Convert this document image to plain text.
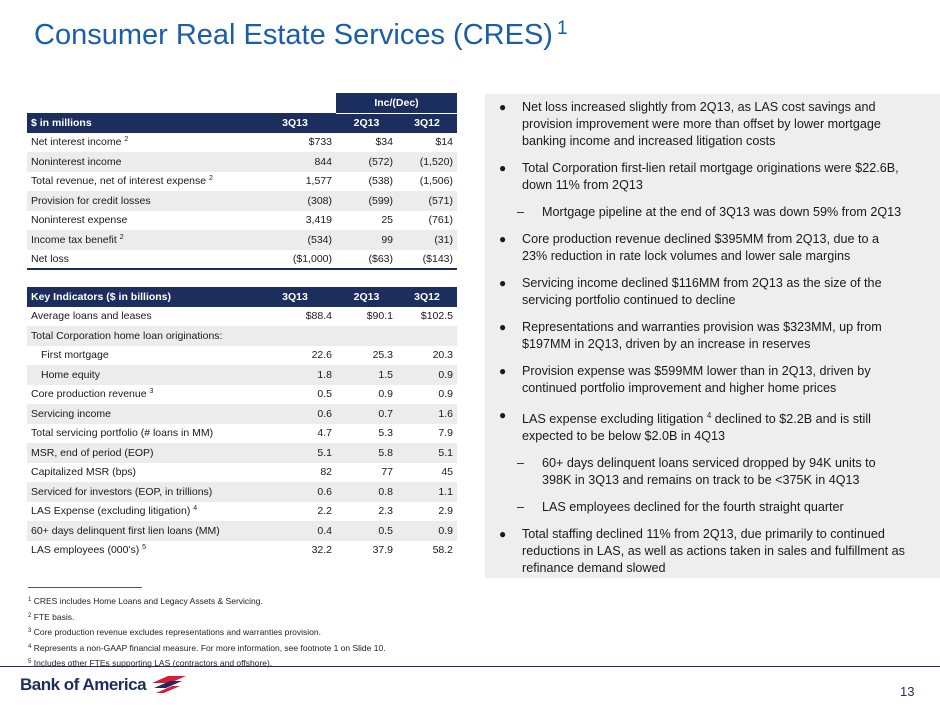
Consumer Real Estate Services (CRES) $^1$
		Inc/(Dec)	
$ in millions	3Q13	2Q13	3Q12
Net interest income $^2$	$733	$34	$14
Noninterest income	844	(572)	(1,520)
Total revenue, net of interest expense $^2$	1,577	(538)	(1,506)
Provision for credit losses	(308)	(599)	(571)
Noninterest expense	3,419	25	(761)
Income tax benefit $^2$	(534)	99	(31)
Net loss	($1,000)	($63)	($143)
Key Indicators ($ in billions)	3Q13	2Q13	3Q12
Average loans and leases	$88.4	$90.1	$102.5
Total Corporation home loan originations:			
First mortgage	22.6	25.3	20.3
Home equity	1.8	1.5	0.9
Core production revenue $^3$	0.5	0.9	0.9
Servicing income	0.6	0.7	1.6
Total servicing portfolio (# loans in MM)	4.7	5.3	7.9
MSR, end of period (EOP)	5.1	5.8	5.1
Capitalized MSR (bps)	82	77	45
Serviced for investors (EOP, in trillions)	0.6	0.8	1.1
LAS Expense (excluding litigation) $^4$	2.2	2.3	2.9
60+ days delinquent first lien loans (MM)	0.4	0.5	0.9
LAS employees (000's) $^5$	32.2	37.9	58.2
● Net loss increased slightly from 2Q13, as LAS cost savings and provision improvement were more than offset by lower mortgage banking income and increased litigation costs
● Total Corporation first-lien retail mortgage originations were $22.6B, down 11% from 2Q13
– Mortgage pipeline at the end of 3Q13 was down 59% from 2Q13
● Core production revenue declined $395MM from 2Q13, due to a 23% reduction in rate lock volumes and lower sale margins
● Servicing income declined $116MM from 2Q13 as the size of the servicing portfolio continued to decline
● Representations and warranties provision was $323MM, up from $197MM in 2Q13, driven by an increase in reserves
● Provision expense was $599MM lower than in 2Q13, driven by continued portfolio improvement and higher home prices
● LAS expense excluding litigation $^4$ declined to $2.2B and is still expected to be below $2.0B in 4Q13
– 60+ days delinquent loans serviced dropped by 94K units to 398K in 3Q13 and remains on track to be <375K in 4Q13
– LAS employees declined for the fourth straight quarter
● Total staffing declined 11% from 2Q13, due primarily to continued reductions in LAS, as well as actions taken in sales and fulfillment as refinance demand slowed
$^1$ CRES includes Home Loans and Legacy Assets & Servicing.
$^2$ FTE basis.
$^3$ Core production revenue excludes representations and warranties provision.
$^4$ Represents a non-GAAP financial measure. For more information, see footnote 1 on Slide 10.
$^5$ Includes other FTEs supporting LAS (contractors and offshore).
Bank of America	13
